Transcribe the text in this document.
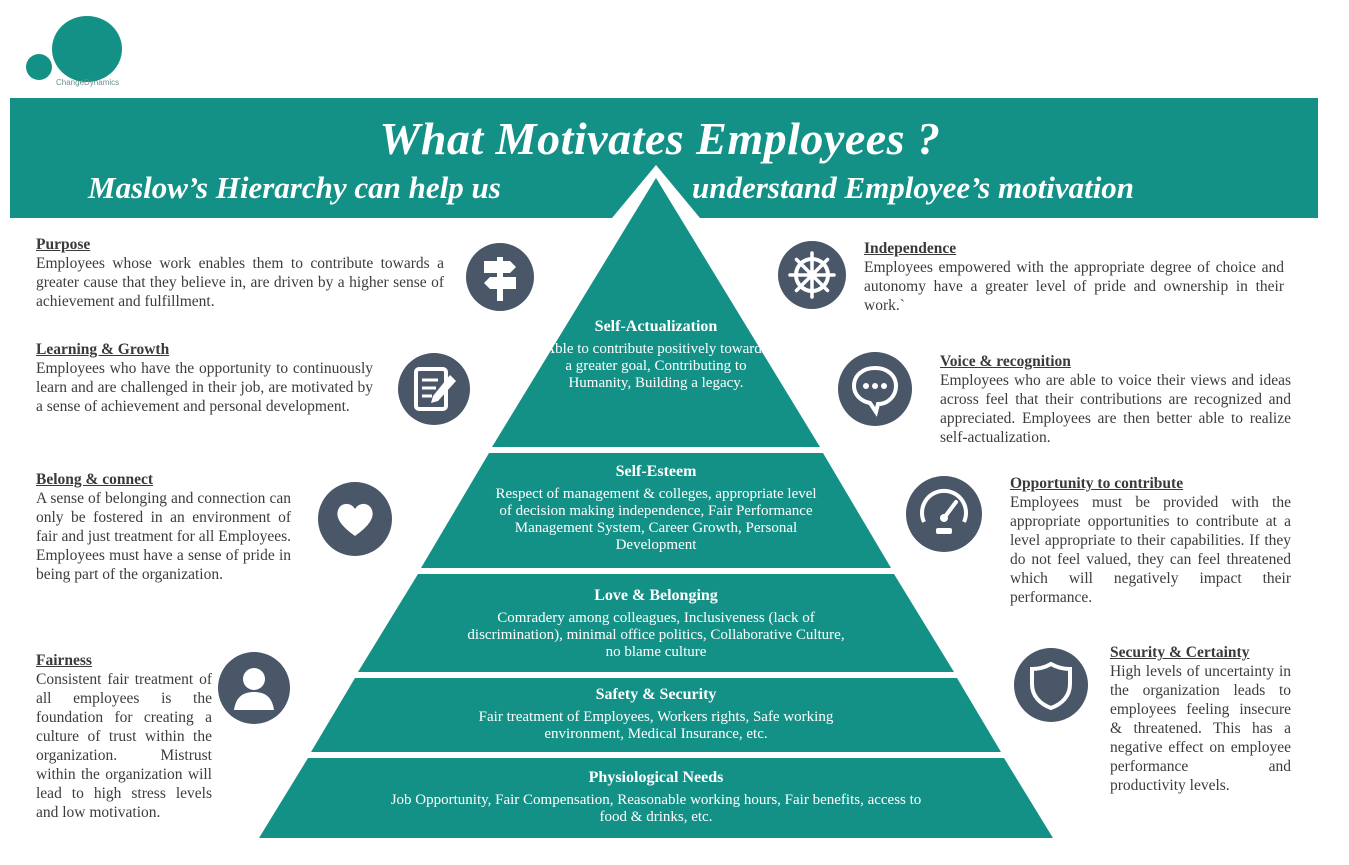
ChangeDynamics
What Motivates Employees ?
Maslow’s Hierarchy can help us	understand Employee’s motivation
Self-Actualization
Able to contribute positively towards a greater goal, Contributing to Humanity, Building a legacy.
Self-Esteem
Respect of management & colleges, appropriate level of decision making independence, Fair Performance Management System, Career Growth, Personal Development
Love & Belonging
Comradery among colleagues, Inclusiveness (lack of discrimination), minimal office politics, Collaborative Culture, no blame culture
Safety & Security
Fair treatment of Employees, Workers rights, Safe working environment, Medical Insurance, etc.
Physiological Needs
Job Opportunity, Fair Compensation, Reasonable working hours, Fair benefits, access to food & drinks, etc.
Purpose
Employees whose work enables them to contribute towards a greater cause that they believe in, are driven by a higher sense of achievement and fulfillment.
Learning & Growth
Employees who have the opportunity to continuously learn and are challenged in their job, are motivated by a sense of achievement and personal development.
Belong & connect
A sense of belonging and connection can only be fostered in an environment of fair and just treatment for all Employees. Employees must have a sense of pride in being part of the organization.
Fairness
Consistent fair treatment of all employees is the foundation for creating a culture of trust within the organization. Mistrust within the organization will lead to high stress levels and low motivation.
Independence
Employees empowered with the appropriate degree of choice and autonomy have a greater level of pride and ownership in their work.`
Voice & recognition
Employees who are able to voice their views and ideas across feel that their contributions are recognized and appreciated. Employees are then better able to realize self-actualization.
Opportunity to contribute
Employees must be provided with the appropriate opportunities to contribute at a level appropriate to their capabilities. If they do not feel valued, they can feel threatened which will negatively impact their performance.
Security & Certainty
High levels of uncertainty in the organization leads to employees feeling insecure & threatened. This has a negative effect on employee performance and productivity levels.
